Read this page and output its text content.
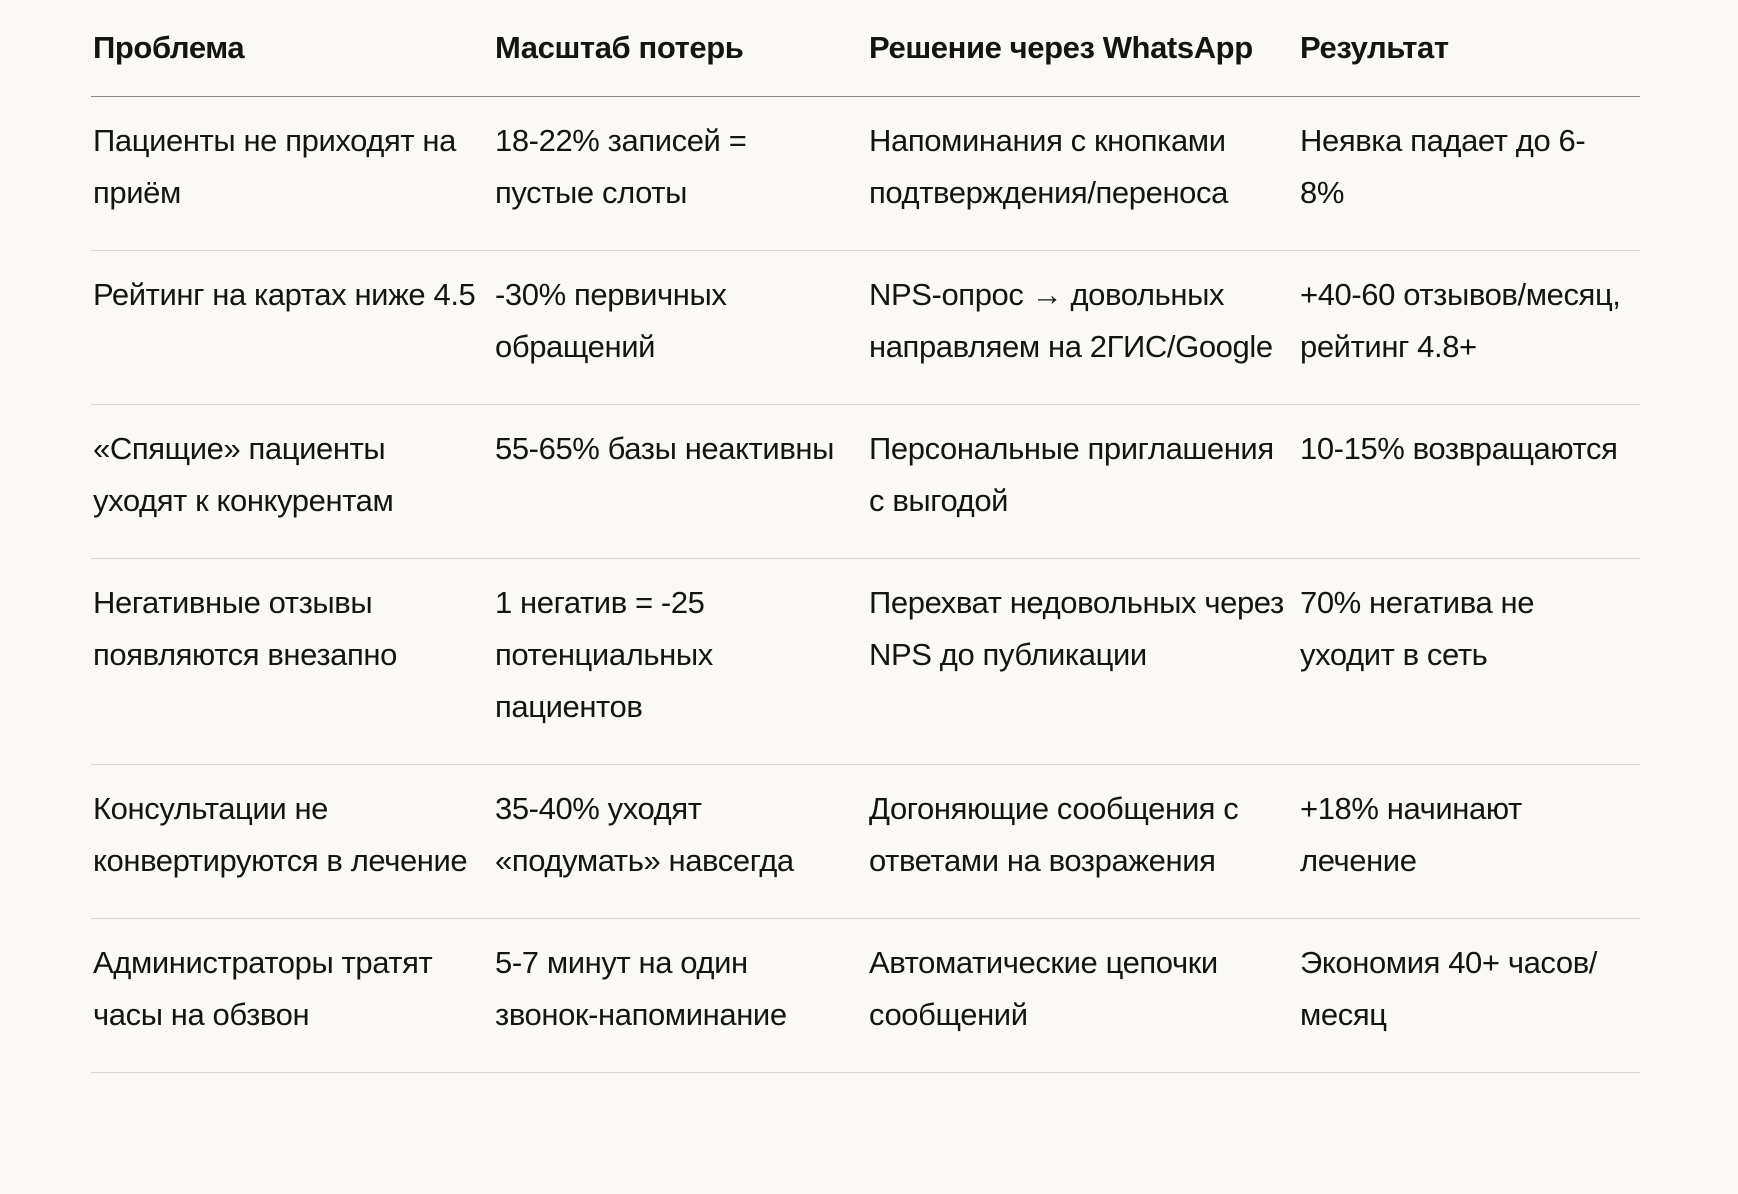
Проблема	Масштаб потерь	Решение через WhatsApp	Результат
Пациенты не приходят на приём	18-22% записей = пустые слоты	Напоминания с кнопками подтверждения/переноса	Неявка падает до 6-8%
Рейтинг на картах ниже 4.5	-30% первичных обращений	NPS-опрос → довольных направляем на 2ГИС/Google	+40-60 отзывов/месяц, рейтинг 4.8+
«Спящие» пациенты уходят к конкурентам	55-65% базы неактивны	Персональные приглашения с выгодой	10-15% возвращаются
Негативные отзывы появляются внезапно	1 негатив = -25 потенциальных пациентов	Перехват недовольных через NPS до публикации	70% негатива не уходит в сеть
Консультации не конвертируются в лечение	35-40% уходят «подумать» навсегда	Догоняющие сообщения с ответами на возражения	+18% начинают лечение
Администраторы тратят часы на обзвон	5-7 минут на один звонок-напоминание	Автоматические цепочки сообщений	Экономия 40+ часов/месяц
